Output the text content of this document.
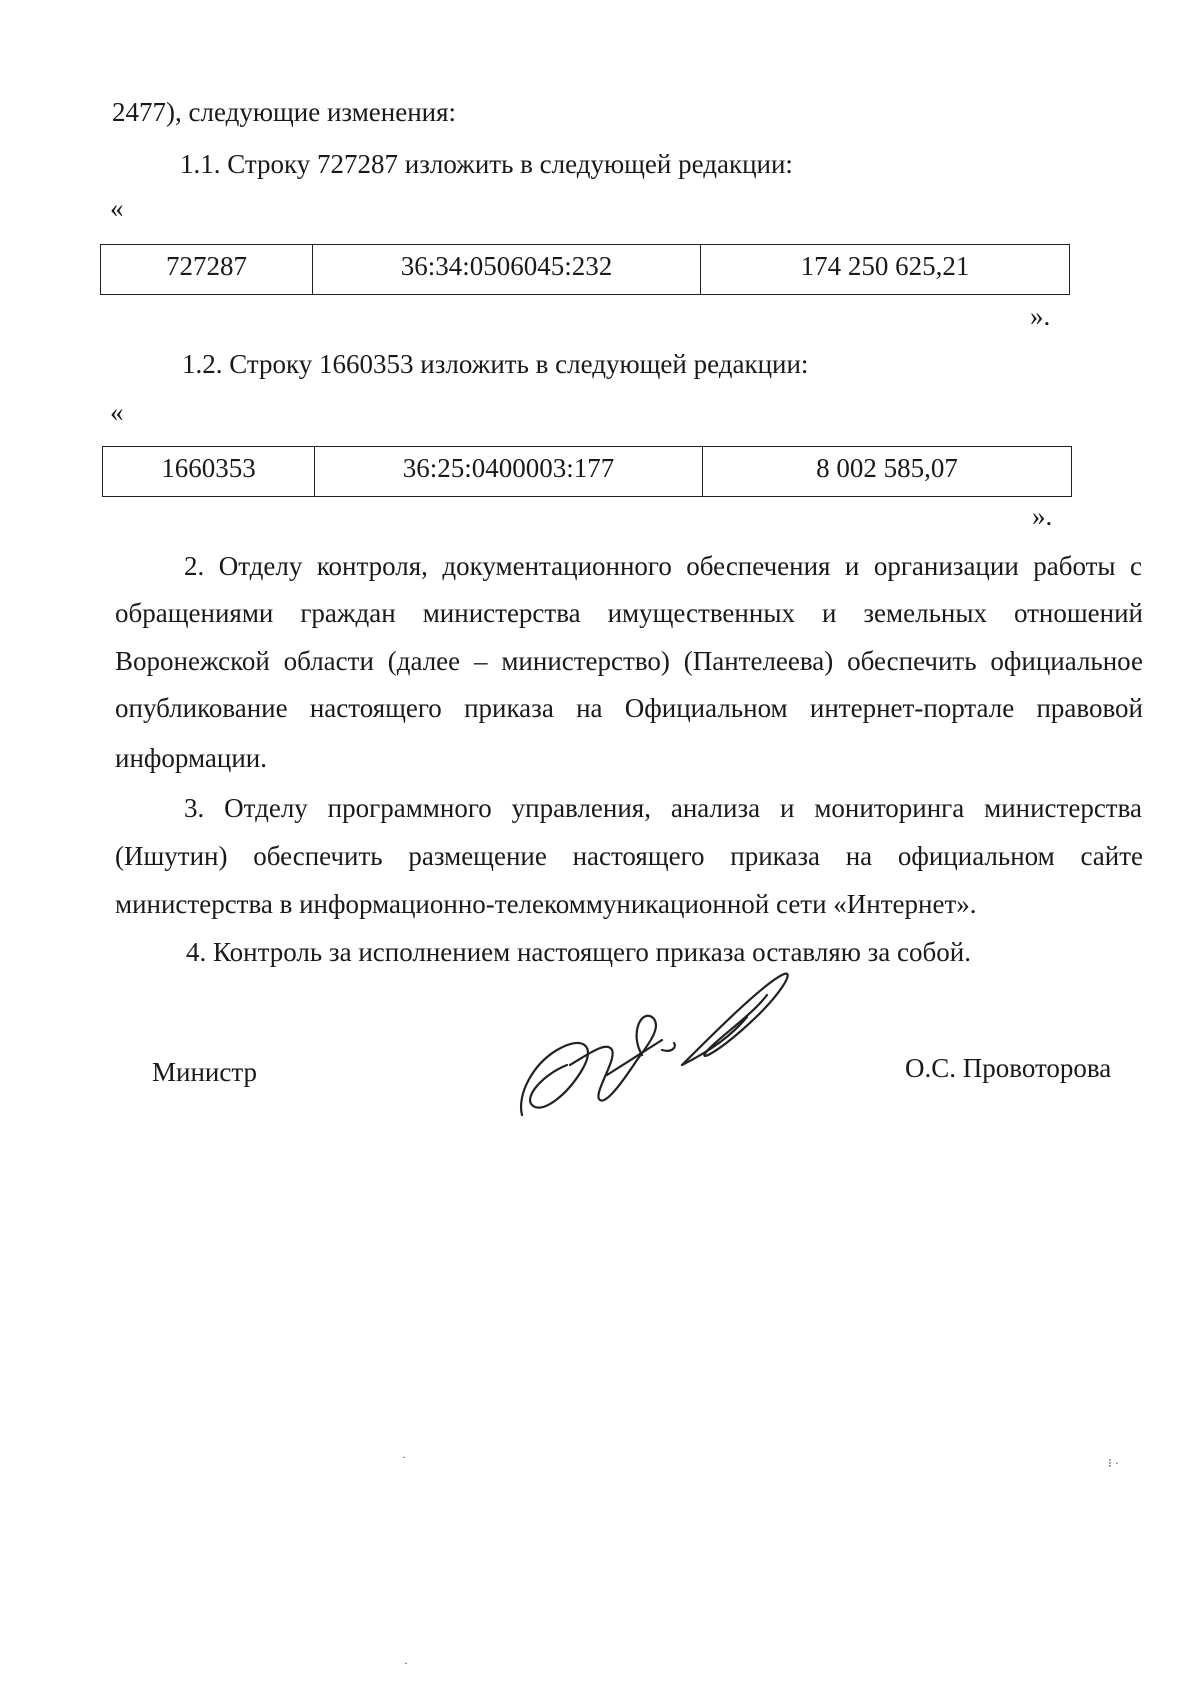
2477), следующие изменения:
1.1. Строку 727287 изложить в следующей редакции:
«
727287	36:34:0506045:232	174 250 625,21
».
1.2. Строку 1660353 изложить в следующей редакции:
«
1660353	36:25:0400003:177	8 002 585,07
».
2. Отделу контроля, документационного обеспечения и организации работы с
обращениями граждан министерства имущественных и земельных отношений
Воронежской области (далее – министерство) (Пантелеева) обеспечить официальное
опубликование настоящего приказа на Официальном интернет-портале правовой
информации.
3. Отделу программного управления, анализа и мониторинга министерства
(Ишутин) обеспечить размещение настоящего приказа на официальном сайте
министерства в информационно-телекоммуникационной сети «Интернет».
4. Контроль за исполнением настоящего приказа оставляю за собой.
Министр	О.С. Провоторова
·	⁝ ·
·
